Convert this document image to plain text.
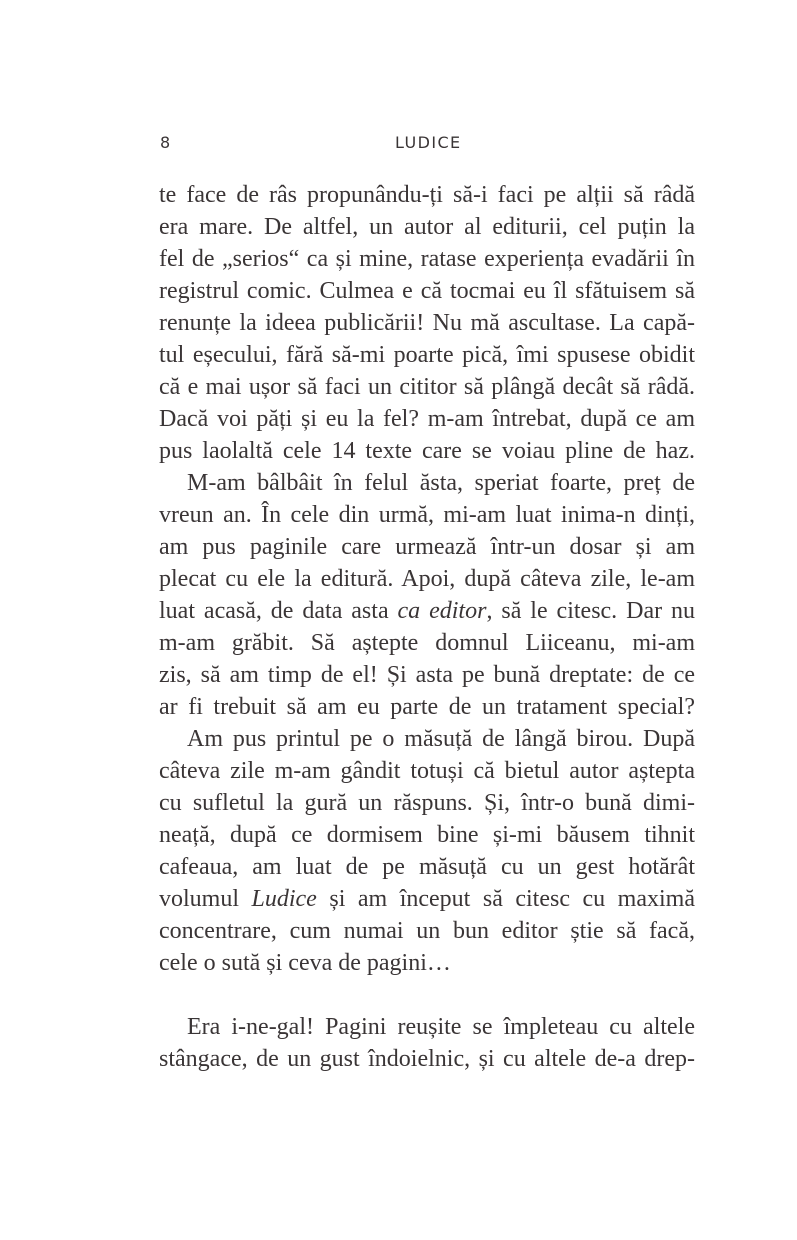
8	LUDICE
te face de râs propunându-ți să-i faci pe alții să râdă
era mare. De altfel, un autor al editurii, cel puțin la
fel de „serios“ ca și mine, ratase experiența evadării în
registrul comic. Culmea e că tocmai eu îl sfătuisem să
renunțe la ideea publicării! Nu mă ascultase. La capă-
tul eșecului, fără să-mi poarte pică, îmi spusese obidit
că e mai ușor să faci un cititor să plângă decât să râdă.
Dacă voi păți și eu la fel? m-am întrebat, după ce am
pus laolaltă cele 14 texte care se voiau pline de haz.
M-am bâlbâit în felul ăsta, speriat foarte, preț de
vreun an. În cele din urmă, mi-am luat inima-n dinți,
am pus paginile care urmează într-un dosar și am
plecat cu ele la editură. Apoi, după câteva zile, le-am
luat acasă, de data asta ca editor, să le citesc. Dar nu
m-am grăbit. Să aștepte domnul Liiceanu, mi-am
zis, să am timp de el! Și asta pe bună dreptate: de ce
ar fi trebuit să am eu parte de un tratament special?
Am pus printul pe o măsuță de lângă birou. După
câteva zile m-am gândit totuși că bietul autor aștepta
cu sufletul la gură un răspuns. Și, într-o bună dimi-
neață, după ce dormisem bine și-mi băusem tihnit
cafeaua, am luat de pe măsuță cu un gest hotărât
volumul Ludice și am început să citesc cu maximă
concentrare, cum numai un bun editor știe să facă,
cele o sută și ceva de pagini…
Era i-ne-gal! Pagini reușite se împleteau cu altele
stângace, de un gust îndoielnic, și cu altele de-a drep-
